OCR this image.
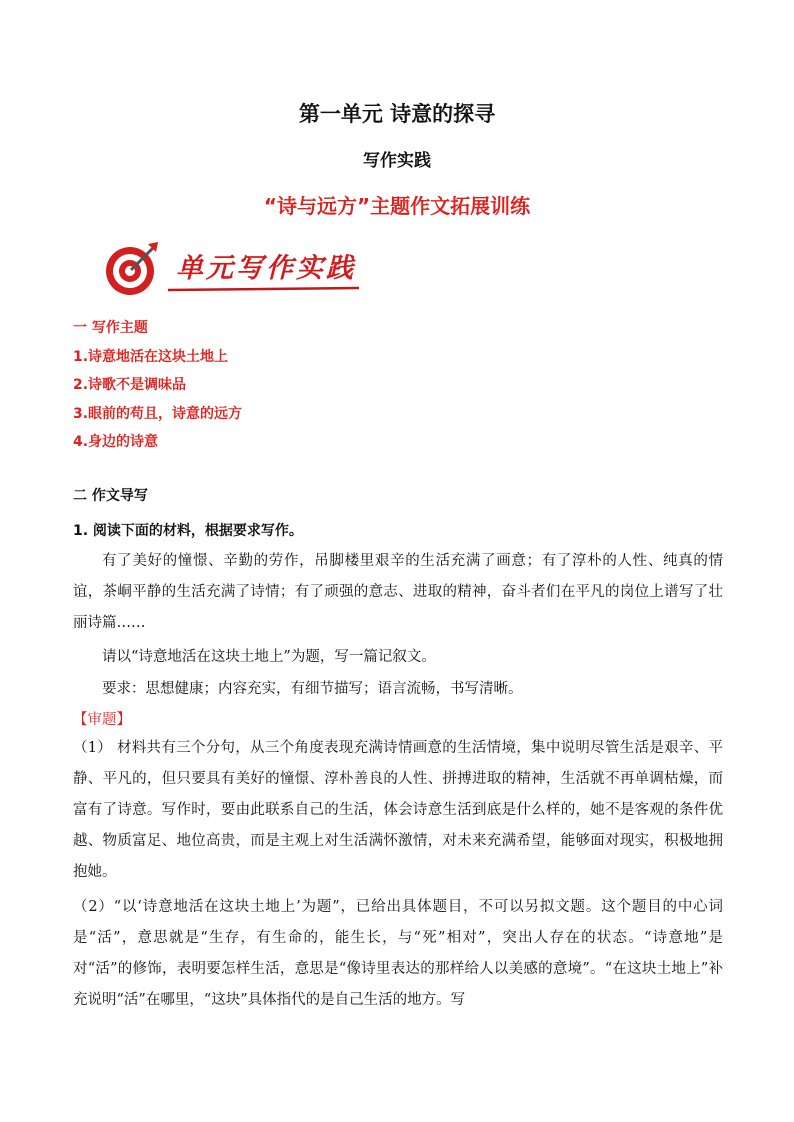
第一单元 诗意的探寻
写作实践
“诗与远方”主题作文拓展训练
单元写作实践
一 写作主题
1.诗意地活在这块土地上
2.诗歌不是调味品
3.眼前的苟且，诗意的远方
4.身边的诗意
二 作文导写
1. 阅读下面的材料，根据要求写作。
有了美好的憧憬、辛勤的劳作，吊脚楼里艰辛的生活充满了画意；有了淳朴的人性、纯真的情谊，茶峒平静的生活充满了诗情；有了顽强的意志、进取的精神，奋斗者们在平凡的岗位上谱写了壮丽诗篇……
请以“诗意地活在这块土地上”为题，写一篇记叙文。
要求：思想健康；内容充实，有细节描写；语言流畅，书写清晰。
【审题】
（1） 材料共有三个分句，从三个角度表现充满诗情画意的生活情境，集中说明尽管生活是艰辛、平静、平凡的，但只要具有美好的憧憬、淳朴善良的人性、拼搏进取的精神，生活就不再单调枯燥，而富有了诗意。写作时，要由此联系自己的生活，体会诗意生活到底是什么样的，她不是客观的条件优越、物质富足、地位高贵，而是主观上对生活满怀激情，对未来充满希望，能够面对现实，积极地拥抱她。
（2）“以‘诗意地活在这块土地上’为题”，已给出具体题目，不可以另拟文题。这个题目的中心词是“活”，意思就是“生存，有生命的，能生长，与“死”相对”，突出人存在的状态。“诗意地”是对“活”的修饰，表明要怎样生活，意思是“像诗里表达的那样给人以美感的意境”。“在这块土地上”补充说明“活”在哪里，“这块”具体指代的是自己生活的地方。写
